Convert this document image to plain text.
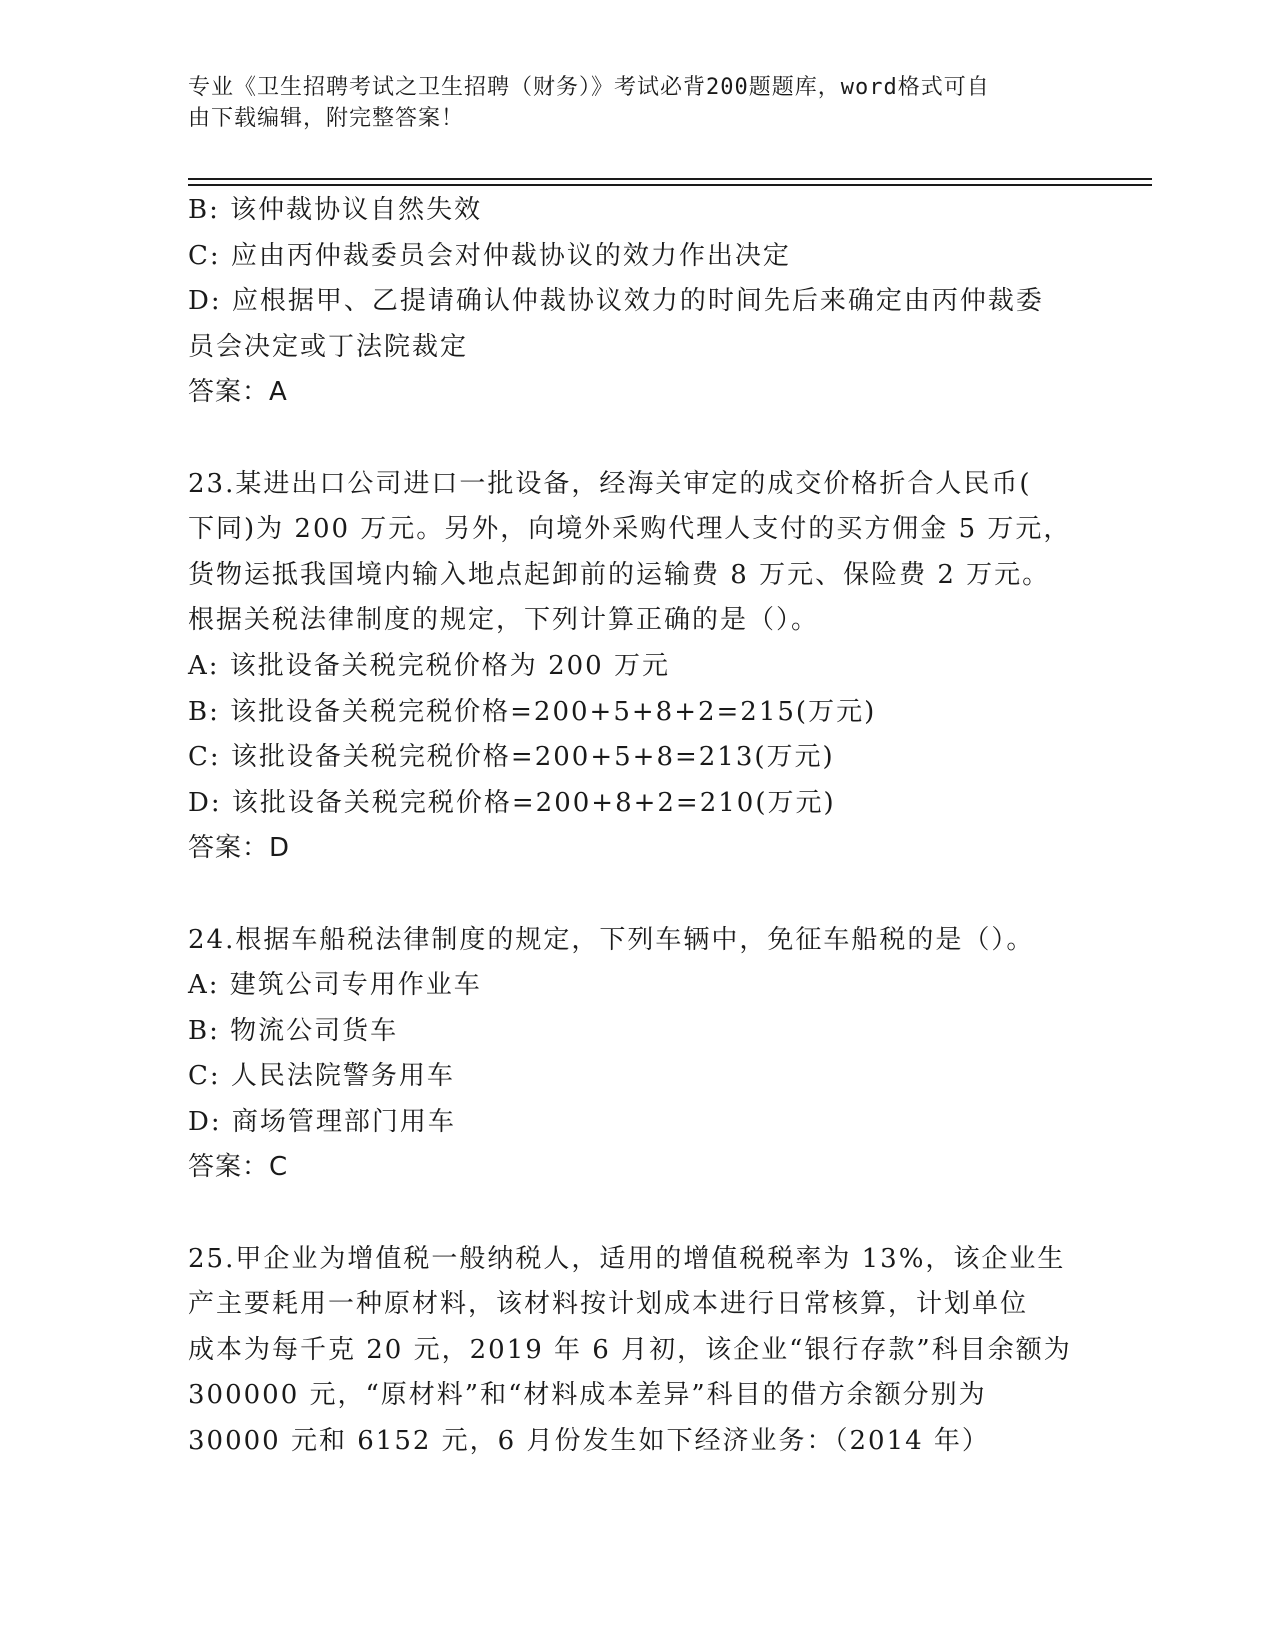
专业《卫生招聘考试之卫生招聘（财务）》考试必背200题题库，word格式可自
由下载编辑，附完整答案！
B: 该仲裁协议自然失效
C: 应由丙仲裁委员会对仲裁协议的效力作出决定
D: 应根据甲、乙提请确认仲裁协议效力的时间先后来确定由丙仲裁委
员会决定或丁法院裁定
答案：A
23.某进出口公司进口一批设备，经海关审定的成交价格折合人民币(
下同)为 200 万元。另外，向境外采购代理人支付的买方佣金 5 万元，
货物运抵我国境内输入地点起卸前的运输费 8 万元、保险费 2 万元。
根据关税法律制度的规定，下列计算正确的是（）。
A: 该批设备关税完税价格为 200 万元
B: 该批设备关税完税价格=200+5+8+2=215(万元)
C: 该批设备关税完税价格=200+5+8=213(万元)
D: 该批设备关税完税价格=200+8+2=210(万元)
答案：D
24.根据车船税法律制度的规定，下列车辆中，免征车船税的是（）。
A: 建筑公司专用作业车
B: 物流公司货车
C: 人民法院警务用车
D: 商场管理部门用车
答案：C
25.甲企业为增值税一般纳税人，适用的增值税税率为 13%，该企业生
产主要耗用一种原材料，该材料按计划成本进行日常核算，计划单位
成本为每千克 20 元，2019 年 6 月初，该企业“银行存款”科目余额为
300000 元，“原材料”和“材料成本差异”科目的借方余额分别为
30000 元和 6152 元，6 月份发生如下经济业务：（2014 年）
